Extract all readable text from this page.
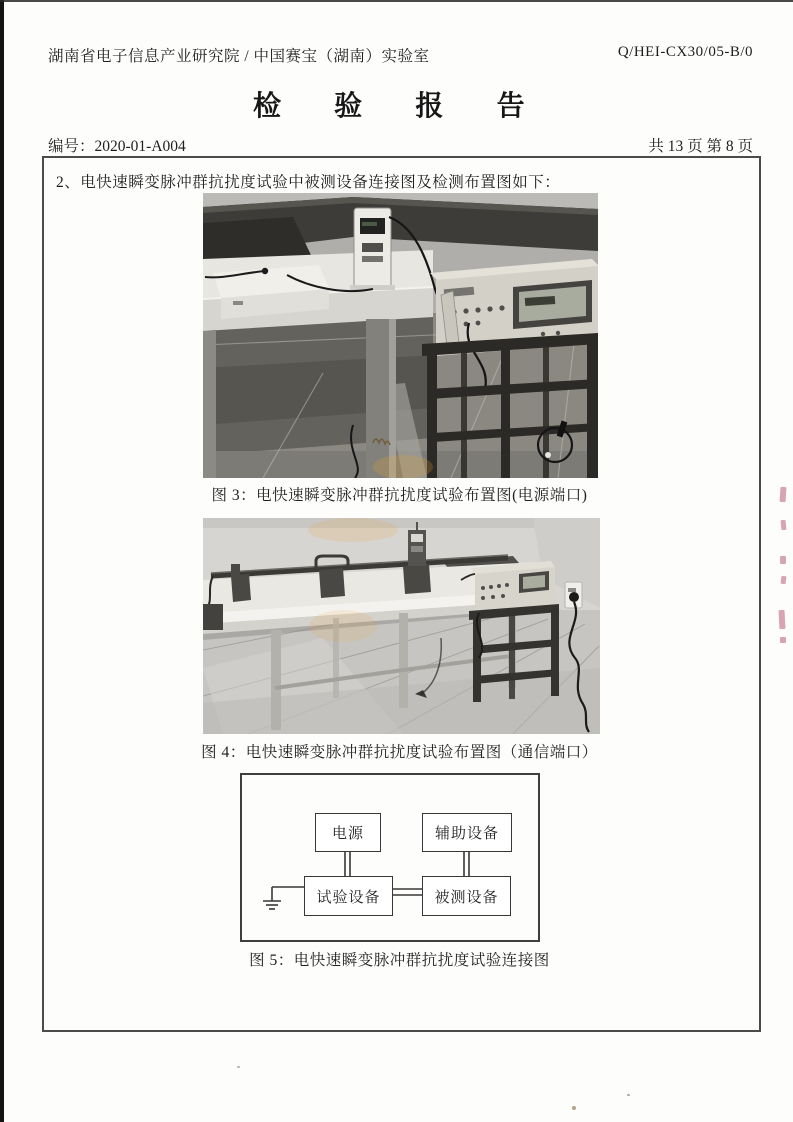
湖南省电子信息产业研究院 / 中国赛宝（湖南）实验室	Q/HEI-CX30/05-B/0
检 验 报 告
编号：2020-01-A004	共 13 页 第 8 页
2、电快速瞬变脉冲群抗扰度试验中被测设备连接图及检测布置图如下：
图 3：电快速瞬变脉冲群抗扰度试验布置图(电源端口)
图 4：电快速瞬变脉冲群抗扰度试验布置图（通信端口）
电源	辅助设备
试验设备	被测设备
图 5：电快速瞬变脉冲群抗扰度试验连接图
